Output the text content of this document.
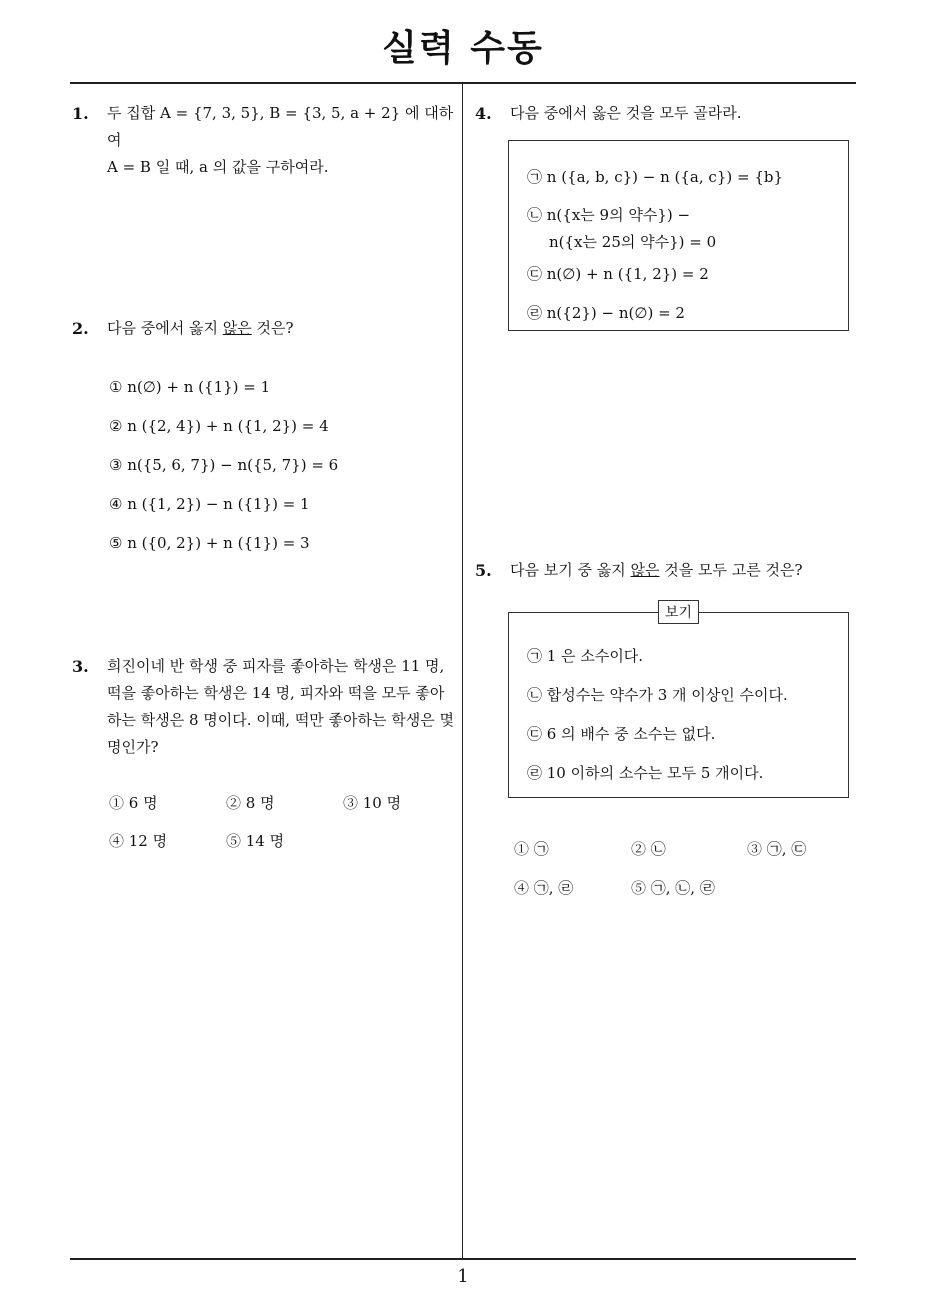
실력 수동
1. 두 집합 A = {7, 3, 5}, B = {3, 5, a + 2} 에 대하여
A = B 일 때, a 의 값을 구하여라.
2. 다음 중에서 옳지 않은 것은?
① n(∅) + n ({1}) = 1
② n ({2, 4}) + n ({1, 2}) = 4
③ n({5, 6, 7}) − n({5, 7}) = 6
④ n ({1, 2}) − n ({1}) = 1
⑤ n ({0, 2}) + n ({1}) = 3
3. 희진이네 반 학생 중 피자를 좋아하는 학생은 11 명,
떡을 좋아하는 학생은 14 명, 피자와 떡을 모두 좋아
하는 학생은 8 명이다. 이때, 떡만 좋아하는 학생은 몇
명인가?
① 6 명	② 8 명	③ 10 명
④ 12 명	⑤ 14 명
4. 다음 중에서 옳은 것을 모두 골라라.
㉠ n ({a, b, c}) − n ({a, c}) = {b}
㉡ n({x는 9의 약수}) −
n({x는 25의 약수}) = 0
㉢ n(∅) + n ({1, 2}) = 2
㉣ n({2}) − n(∅) = 2
5. 다음 보기 중 옳지 않은 것을 모두 고른 것은?
㉠ 1 은 소수이다.
㉡ 합성수는 약수가 3 개 이상인 수이다.
㉢ 6 의 배수 중 소수는 없다.
㉣ 10 이하의 소수는 모두 5 개이다.
보기
① ㉠	② ㉡	③ ㉠, ㉢
④ ㉠, ㉣	⑤ ㉠, ㉡, ㉣
1
